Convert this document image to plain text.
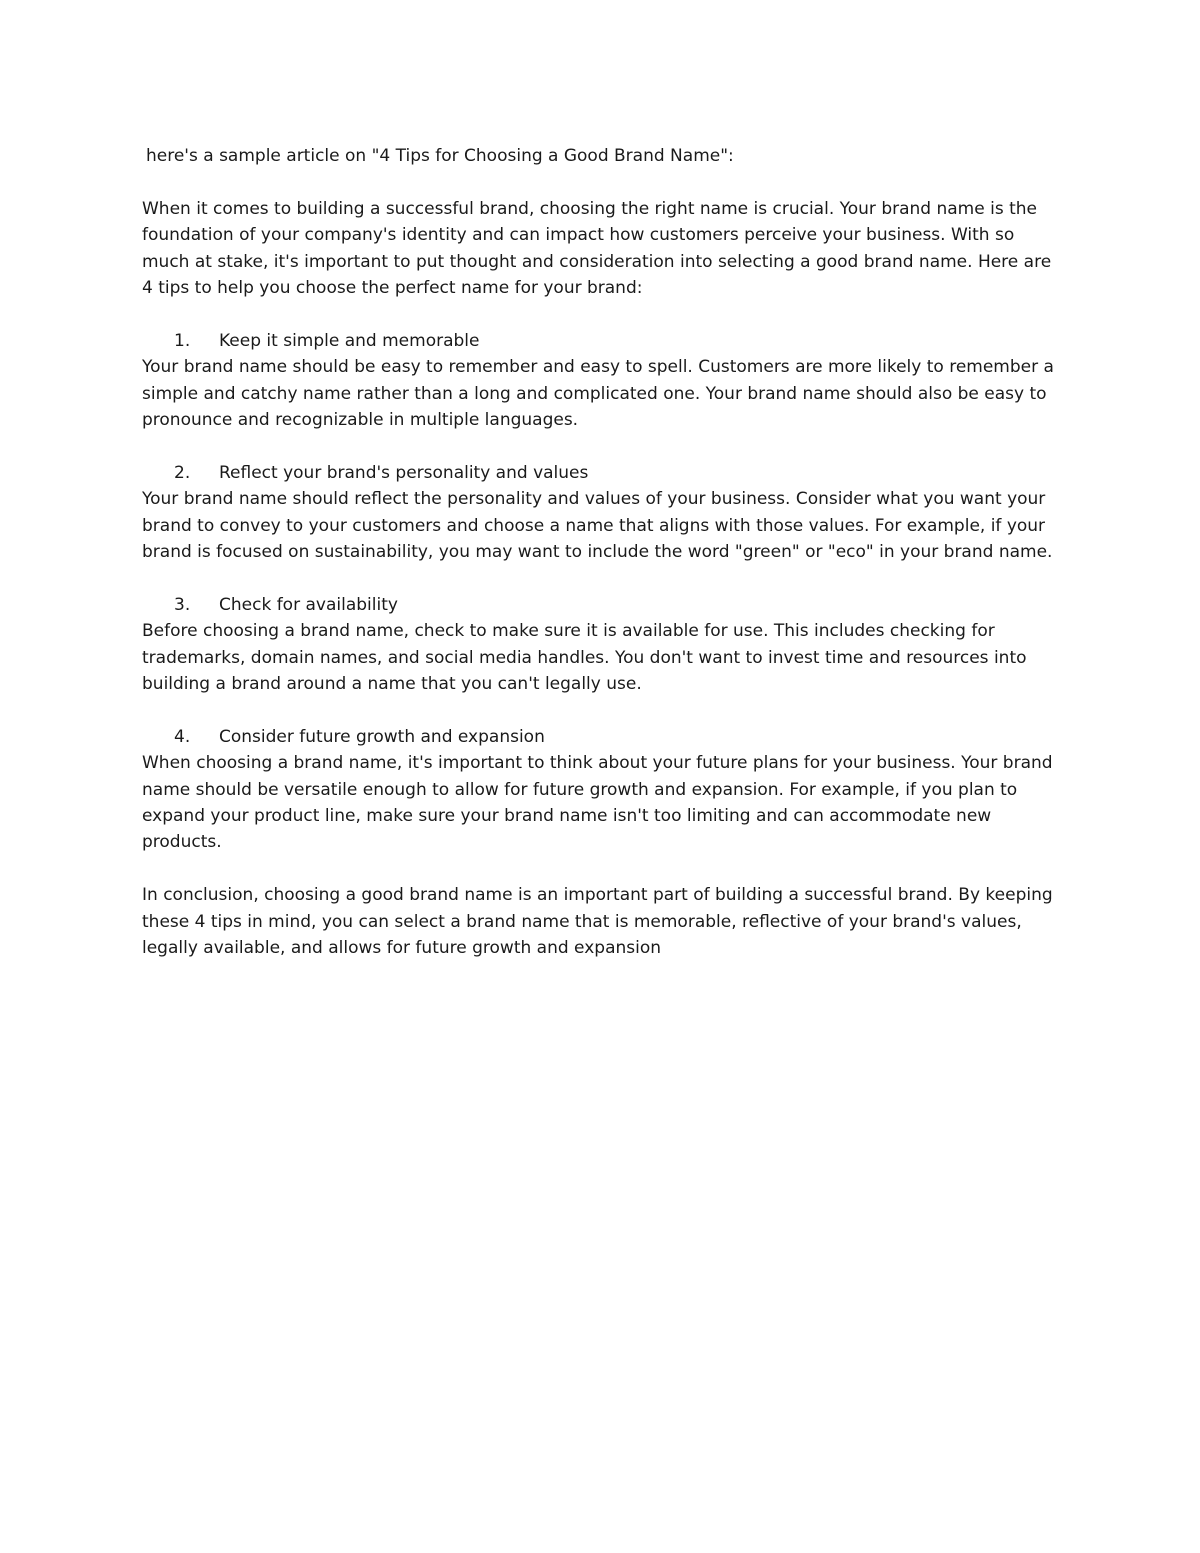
here's a sample article on "4 Tips for Choosing a Good Brand Name":

When it comes to building a successful brand, choosing the right name is crucial. Your brand name is the foundation of your company's identity and can impact how customers perceive your business. With so much at stake, it's important to put thought and consideration into selecting a good brand name. Here are 4 tips to help you choose the perfect name for your brand:

1.	Keep it simple and memorable

Your brand name should be easy to remember and easy to spell. Customers are more likely to remember a simple and catchy name rather than a long and complicated one. Your brand name should also be easy to pronounce and recognizable in multiple languages.

2.	Reflect your brand's personality and values

Your brand name should reflect the personality and values of your business. Consider what you want your brand to convey to your customers and choose a name that aligns with those values. For example, if your brand is focused on sustainability, you may want to include the word "green" or "eco" in your brand name.

3.	Check for availability

Before choosing a brand name, check to make sure it is available for use. This includes checking for trademarks, domain names, and social media handles. You don't want to invest time and resources into building a brand around a name that you can't legally use.

4.	Consider future growth and expansion

When choosing a brand name, it's important to think about your future plans for your business. Your brand name should be versatile enough to allow for future growth and expansion. For example, if you plan to expand your product line, make sure your brand name isn't too limiting and can accommodate new products.

In conclusion, choosing a good brand name is an important part of building a successful brand. By keeping these 4 tips in mind, you can select a brand name that is memorable, reflective of your brand's values, legally available, and allows for future growth and expansion
